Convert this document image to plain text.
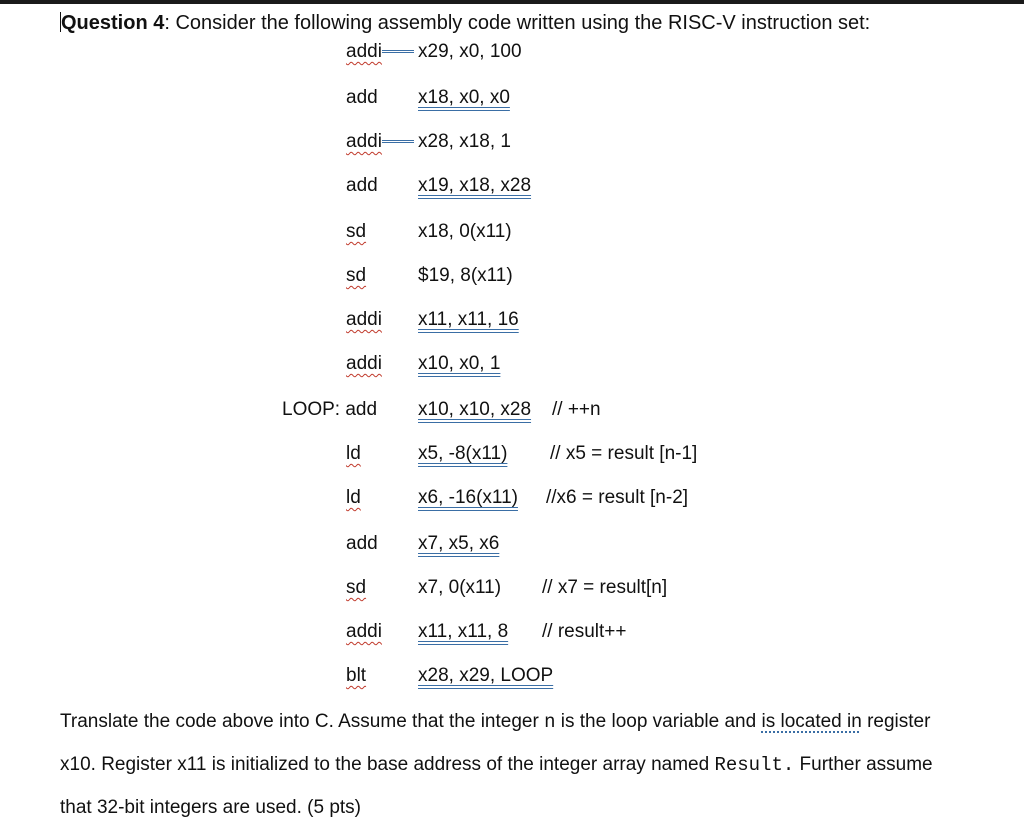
Question 4: Consider the following assembly code written using the RISC-V instruction set:
addi	x29, x0, 100
add x18, x0, x0
addi	x28, x18, 1
add x19, x18, x28
sd	x18, 0(x11)
sd	$19, 8(x11)
addi x11, x11, 16
addi x10, x0, 1
LOOP: add x10, x10, x28 // ++n
ld	x5, -8(x11) // x5 = result [n-1]
ld	x6, -16(x11) //x6 = result [n-2]
add x7, x5, x6
sd	x7, 0(x11) // x7 = result[n]
addi x11, x11, 8 // result++
blt	x28, x29, LOOP
Translate the code above into C. Assume that the integer n is the loop variable and is located in register
x10. Register x11 is initialized to the base address of the integer array named Result. Further assume
that 32-bit integers are used. (5 pts)
